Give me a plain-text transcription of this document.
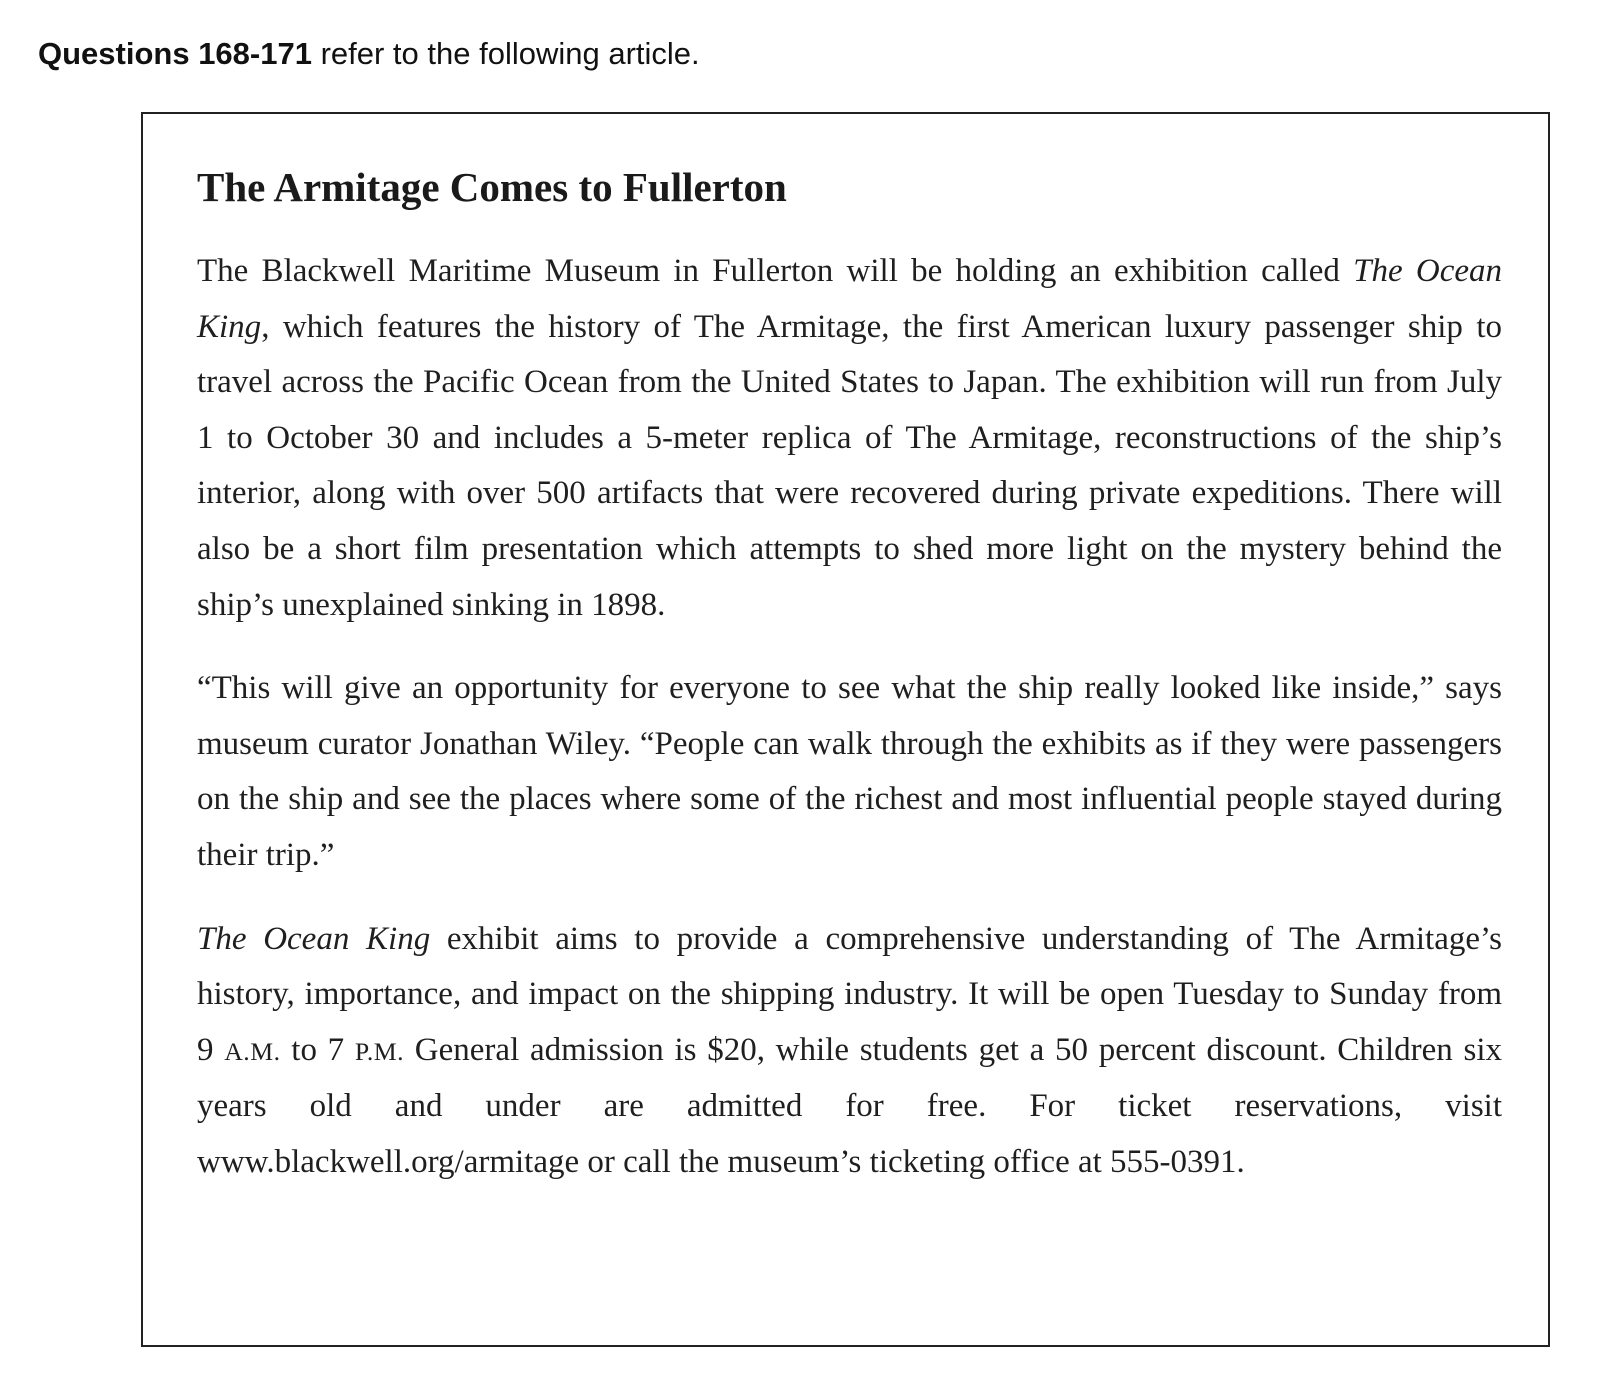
Questions 168-171 refer to the following article.
The Armitage Comes to Fullerton

The Blackwell Maritime Museum in Fullerton will be holding an exhibition called The Ocean King, which features the history of The Armitage, the first American luxury passenger ship to travel across the Pacific Ocean from the United States to Japan. The exhibition will run from July 1 to October 30 and includes a 5-meter replica of The Armitage, reconstructions of the ship’s interior, along with over 500 artifacts that were recovered during private expeditions. There will also be a short film presentation which attempts to shed more light on the mystery behind the ship’s unexplained sinking in 1898.

“This will give an opportunity for everyone to see what the ship really looked like inside,” says museum curator Jonathan Wiley. “People can walk through the exhibits as if they were passengers on the ship and see the places where some of the richest and most influential people stayed during their trip.”

The Ocean King exhibit aims to provide a comprehensive understanding of The Armitage’s history, importance, and impact on the shipping industry. It will be open Tuesday to Sunday from 9 A.M. to 7 P.M. General admission is $20, while students get a 50 percent discount. Children six years old and under are admitted for free. For ticket reservations, visit www.blackwell.org/armitage or call the museum’s ticketing office at 555-0391.
